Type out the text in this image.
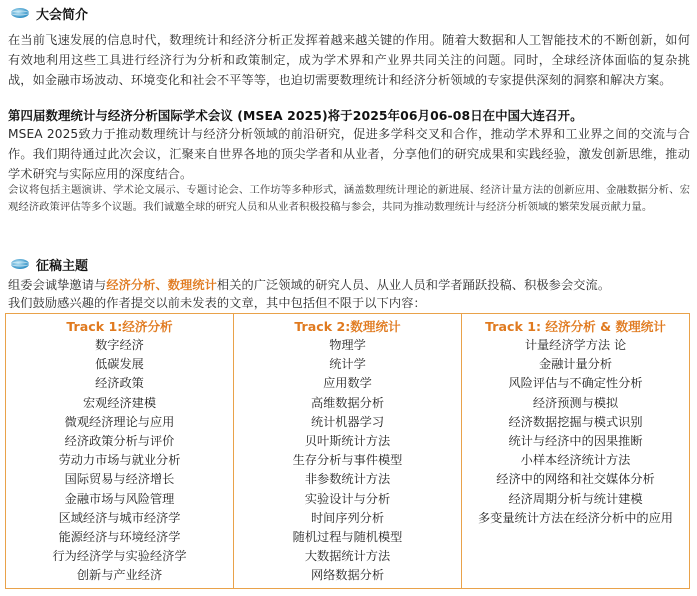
大会简介

在当前飞速发展的信息时代，数理统计和经济分析正发挥着越来越关键的作用。随着大数据和人工智能技术的不断创新，如何有效地利用这些工具进行经济行为分析和政策制定，成为学术界和产业界共同关注的问题。同时，全球经济体面临的复杂挑战，如金融市场波动、环境变化和社会不平等等，也迫切需要数理统计和经济分析领域的专家提供深刻的洞察和解决方案。

第四届数理统计与经济分析国际学术会议 (MSEA 2025)将于2025年06月06-08日在中国大连召开。

MSEA 2025致力于推动数理统计与经济分析领域的前沿研究，促进多学科交叉和合作，推动学术界和工业界之间的交流与合作。我们期待通过此次会议，汇聚来自世界各地的顶尖学者和从业者，分享他们的研究成果和实践经验，激发创新思维，推动学术研究与实际应用的深度结合。

会议将包括主题演讲、学术论文展示、专题讨论会、工作坊等多种形式，涵盖数理统计理论的新进展、经济计量方法的创新应用、金融数据分析、宏观经济政策评估等多个议题。我们诚邀全球的研究人员和从业者积极投稿与参会，共同为推动数理统计与经济分析领域的繁荣发展贡献力量。

征稿主题

组委会诚挚邀请与经济分析、数理统计相关的广泛领域的研究人员、从业人员和学者踊跃投稿、积极参会交流。

我们鼓励感兴趣的作者提交以前未发表的文章，其中包括但不限于以下内容：

Track 1:经济分析
数字经济
低碳发展
经济政策
宏观经济建模
微观经济理论与应用
经济政策分析与评价
劳动力市场与就业分析
国际贸易与经济增长
金融市场与风险管理
区域经济与城市经济学
能源经济与环境经济学
行为经济学与实验经济学
创新与产业经济
Track 2:数理统计
物理学
统计学
应用数学
高维数据分析
统计机器学习
贝叶斯统计方法
生存分析与事件模型
非参数统计方法
实验设计与分析
时间序列分析
随机过程与随机模型
大数据统计方法
网络数据分析
Track 1: 经济分析 & 数理统计
计量经济学方法 论
金融计量分析
风险评估与不确定性分析
经济预测与模拟
经济数据挖掘与模式识别
统计与经济中的因果推断
小样本经济统计方法
经济中的网络和社交媒体分析
经济周期分析与统计建模
多变量统计方法在经济分析中的应用
